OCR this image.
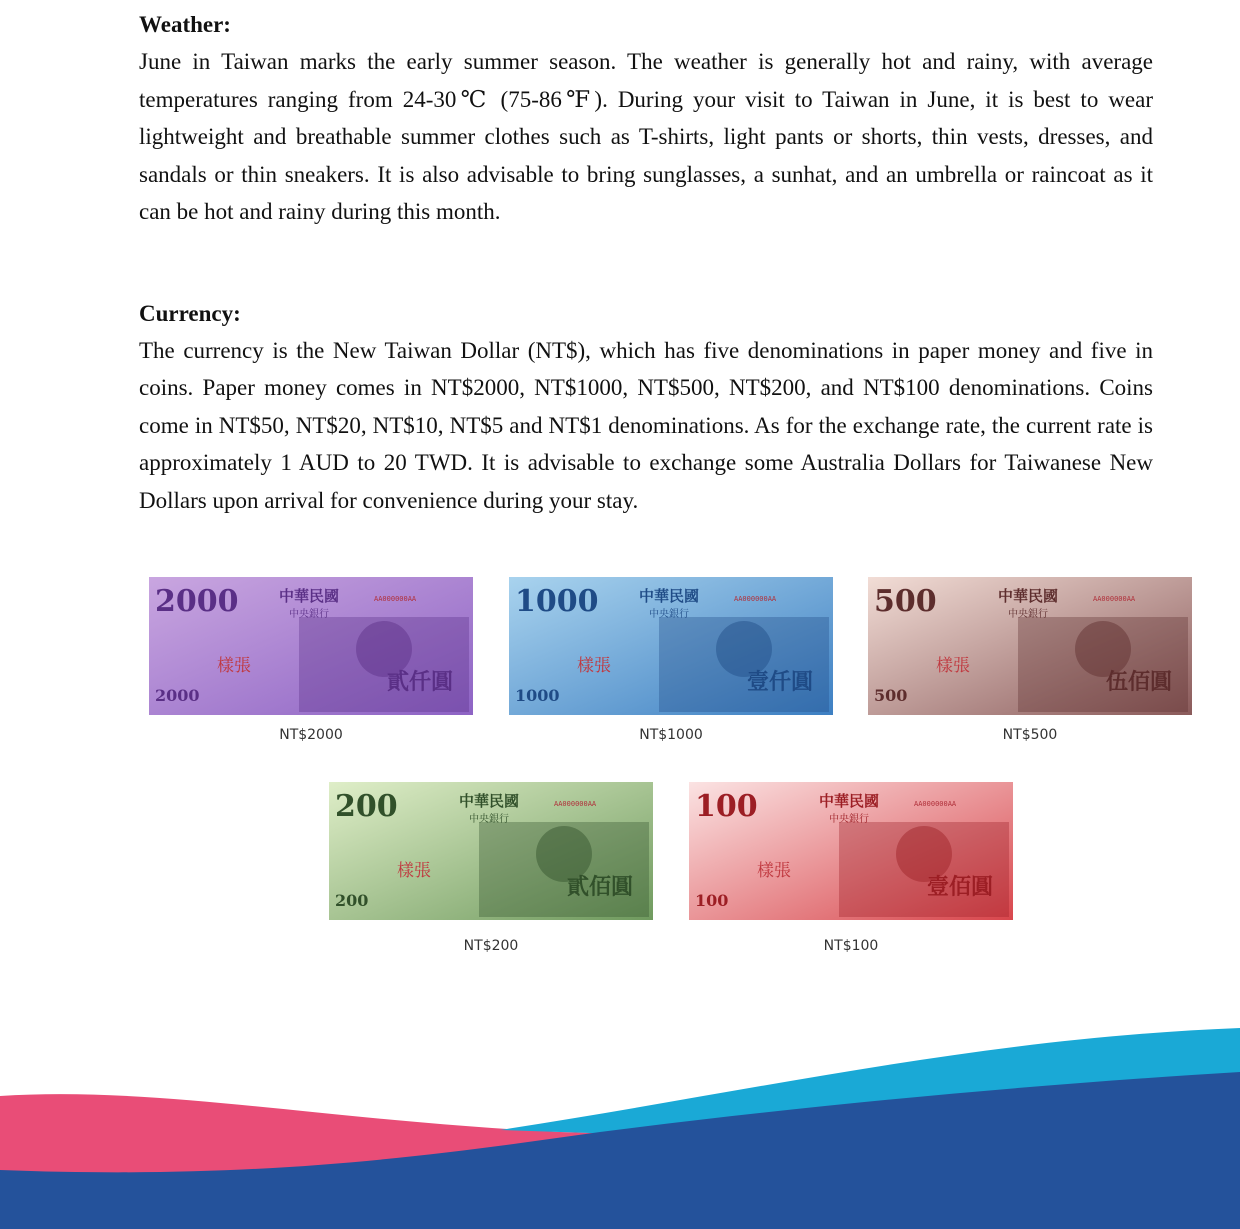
Weather:

June in Taiwan marks the early summer season. The weather is generally hot and rainy, with average temperatures ranging from 24-30℃ (75-86℉). During your visit to Taiwan in June, it is best to wear lightweight and breathable summer clothes such as T-shirts, light pants or shorts, thin vests, dresses, and sandals or thin sneakers. It is also advisable to bring sunglasses, a sunhat, and an umbrella or raincoat as it can be hot and rainy during this month.

Currency:

The currency is the New Taiwan Dollar (NT$), which has five denominations in paper money and five in coins. Paper money comes in NT$2000, NT$1000, NT$500, NT$200, and NT$100 denominations. Coins come in NT$50, NT$20, NT$10, NT$5 and NT$1 denominations. As for the exchange rate, the current rate is approximately 1 AUD to 20 TWD. It is advisable to exchange some Australia Dollars for Taiwanese New Dollars upon arrival for convenience during your stay.

2000	中華民國
中央銀行
AA000000AA
樣張
貳仟圓
2000
NT$2000
1000	中華民國
中央銀行
AA000000AA
樣張
壹仟圓
1000
NT$1000
500	中華民國
中央銀行
AA000000AA
樣張
伍佰圓
500
NT$500
200	中華民國
中央銀行
AA000000AA
樣張
貳佰圓
200
NT$200
100	中華民國
中央銀行
AA000000AA
樣張
壹佰圓
100
NT$100
